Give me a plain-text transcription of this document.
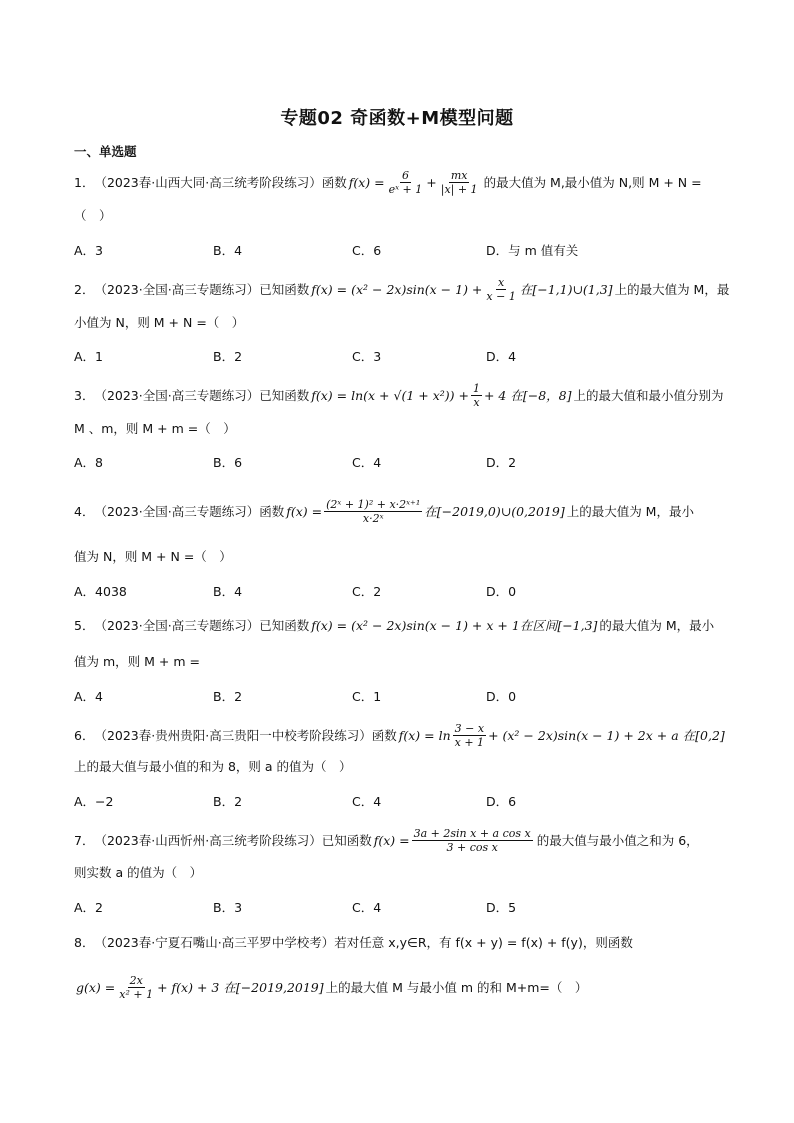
专题02 奇函数+M模型问题
一、单选题
1． （2023春·山西大同·高三统考阶段练习） 函数 $f(x) = \frac{6}{\text{eˣ + 1}} + \frac{mx}{|x| + 1}$ 的最大值为 M,最小值为 N,则 M + N =
（　）
A．3	B．4	C．6	D．与 m 值有关
2． （2023·全国·高三专题练习） 已知函数 $f(x) = (x^2 - 2x)\sin(x - 1) + \frac{x}{x - 1}$ 在[−1,1)∪(1,3] 上的最大值为 M，最
小值为 N，则 M + N =（　）
A．1	B．2	C．3	D．4
3． （2023·全国·高三专题练习） 已知函数 $f(x) = \ln(x + √(1 + x^2)) + \frac{1}{x} + 4$ 在[−8，8] 上的最大值和最小值分别为
M 、m，则 M + m =（　）
A．8	B．6	C．4	D．2
4． （2023·全国·高三专题练习） 函数 $f(x) = \frac{\text{(2ˣ + 1)² + x·2ˣ⁺¹}}{\text{x·2ˣ}}$ 在[−2019,0)∪(0,2019] 上的最大值为 M，最小
值为 N，则 M + N =（　）
A．4038	B．4	C．2	D．0
5． （2023·全国·高三专题练习） 已知函数 f(x) = (x² − 2x)sin(x − 1) + x + 1 在区间[−1,3] 的最大值为 M，最小
值为 m，则 M + m =
A．4	B．2	C．1	D．0
6． （2023春·贵州贵阳·高三贵阳一中校考阶段练习） 函数 $f(x) = \ln \frac{3 - x}{x + 1} + (x^2 - 2x)\sin(x - 1) + 2x + a$ 在[0,2]
上的最大值与最小值的和为 8，则 a 的值为（　）
A．−2	B．2	C．4	D．6
7． （2023春·山西忻州·高三统考阶段练习） 已知函数 $f(x) = \frac{\text{3a + 2sin x + a cos x}}{\text{3 + cos x}}$ 的最大值与最小值之和为 6，
则实数 a 的值为（　）
A．2	B．3	C．4	D．5
8． （2023春·宁夏石嘴山·高三平罗中学校考） 若对任意 x,y∈R，有 f(x + y) = f(x) + f(y)，则函数
$g(x) = \frac{2x}{\text{x² + 1}} + f(x) + 3$ 在[−2019,2019] 上的最大值 M 与最小值 m 的和 M+m=（　）
